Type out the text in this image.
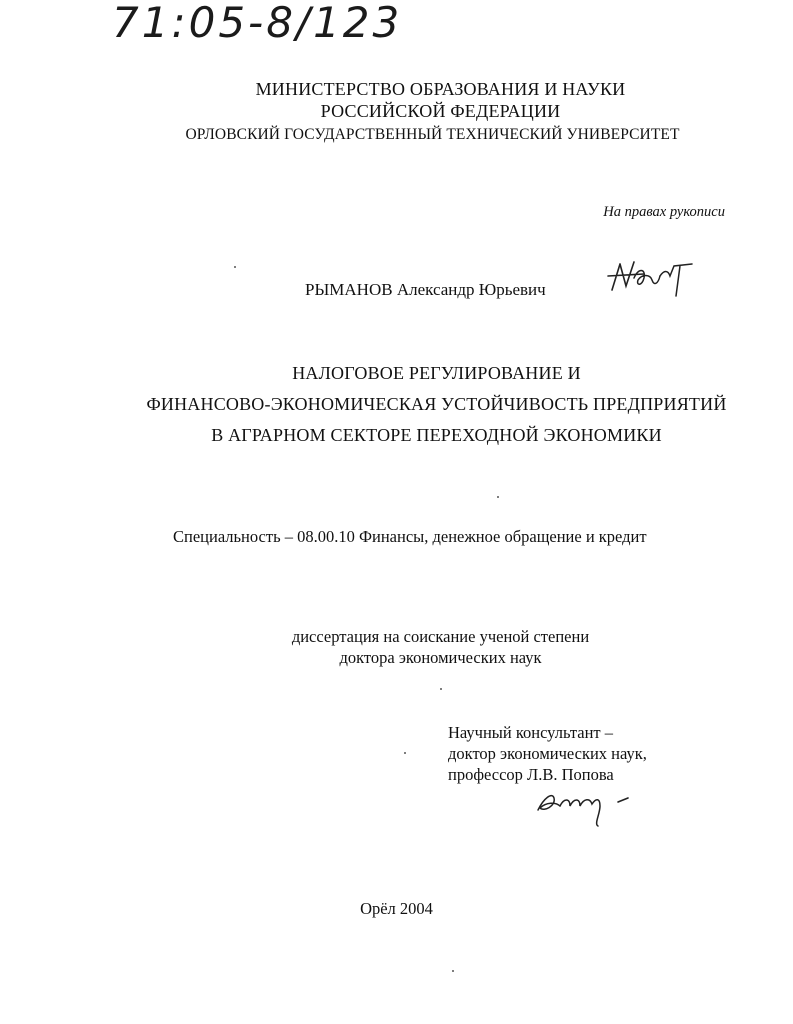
71:05-8/123
МИНИСТЕРСТВО ОБРАЗОВАНИЯ И НАУКИ
РОССИЙСКОЙ ФЕДЕРАЦИИ
ОРЛОВСКИЙ ГОСУДАРСТВЕННЫЙ ТЕХНИЧЕСКИЙ УНИВЕРСИТЕТ
На правах рукописи
РЫМАНОВ Александр Юрьевич
НАЛОГОВОЕ РЕГУЛИРОВАНИЕ И
ФИНАНСОВО-ЭКОНОМИЧЕСКАЯ УСТОЙЧИВОСТЬ ПРЕДПРИЯТИЙ
В АГРАРНОМ СЕКТОРЕ ПЕРЕХОДНОЙ ЭКОНОМИКИ
Специальность – 08.00.10 Финансы, денежное обращение и кредит
диссертация на соискание ученой степени
доктора экономических наук
Научный консультант –
доктор экономических наук,
профессор Л.В. Попова
Орёл 2004
